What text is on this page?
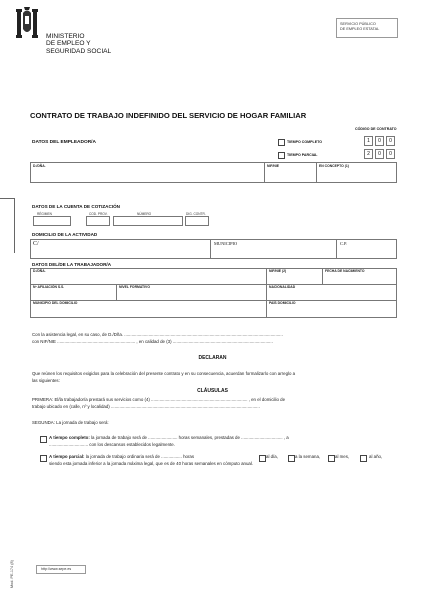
MINISTERIO
DE EMPLEO Y
SEGURIDAD SOCIAL
SERVICIO PÚBLICO
DE EMPLEO ESTATAL
CONTRATO DE TRABAJO INDEFINIDO DEL SERVICIO DE HOGAR FAMILIAR
CÓDIGO DE CONTRATO
1	0	0
2	0	0
DATOS DEL EMPLEADOR/A	TIEMPO COMPLETO
TIEMPO PARCIAL
D./DÑA.	NIF/NIE	EN CONCEPTO (1)
DATOS DE LA CUENTA DE COTIZACIÓN
RÉGIMEN	COD. PROV.	NÚMERO	DIG. CONTR.
DOMICILIO DE LA ACTIVIDAD
C/	MUNICIPIO	C.P.
DATOS DEL/DE LA TRABAJADOR/A
D./DÑA.	NIF/NIE (2)	FECHA DE NACIMIENTO
Nº AFILIACIÓN S.S.	NIVEL FORMATIVO	NACIONALIDAD
MUNICIPIO DEL DOMICILIO	PAÍS DOMICILIO
Con la asistencia legal, en su caso, de D./Dña. ..................................................................................................................................
con NIF/NIE ................................................................ , en calidad de (3) ..................................................................................
DECLARAN
Que reúnen los requisitos exigidos para la celebración del presente contrato y en su consecuencia, acuerdan formalizarlo con arreglo a
las siguientes:
CLÁUSULAS
PRIMERA: El/la trabajador/a prestará sus servicios como (4) ............................................................................... , en el domicilio de
trabajo ubicado en (calle, nº y localidad) ..........................................................................................................................
SEGUNDA: La jornada de trabajo será:
A tiempo completo: la jornada de trabajo será de ........................ horas semanales, prestadas de .................................. , a
................................ con los descansos establecidos legalmente.
A tiempo parcial: la jornada de trabajo ordinaria será de ................. horas	al día,	a la semana,	al mes,	al año,
siendo esta jornada inferior a la jornada máxima legal, que es de 40 horas semanales en cómputo anual.
Mod. PE-174 (8)	http://www.sepe.es
